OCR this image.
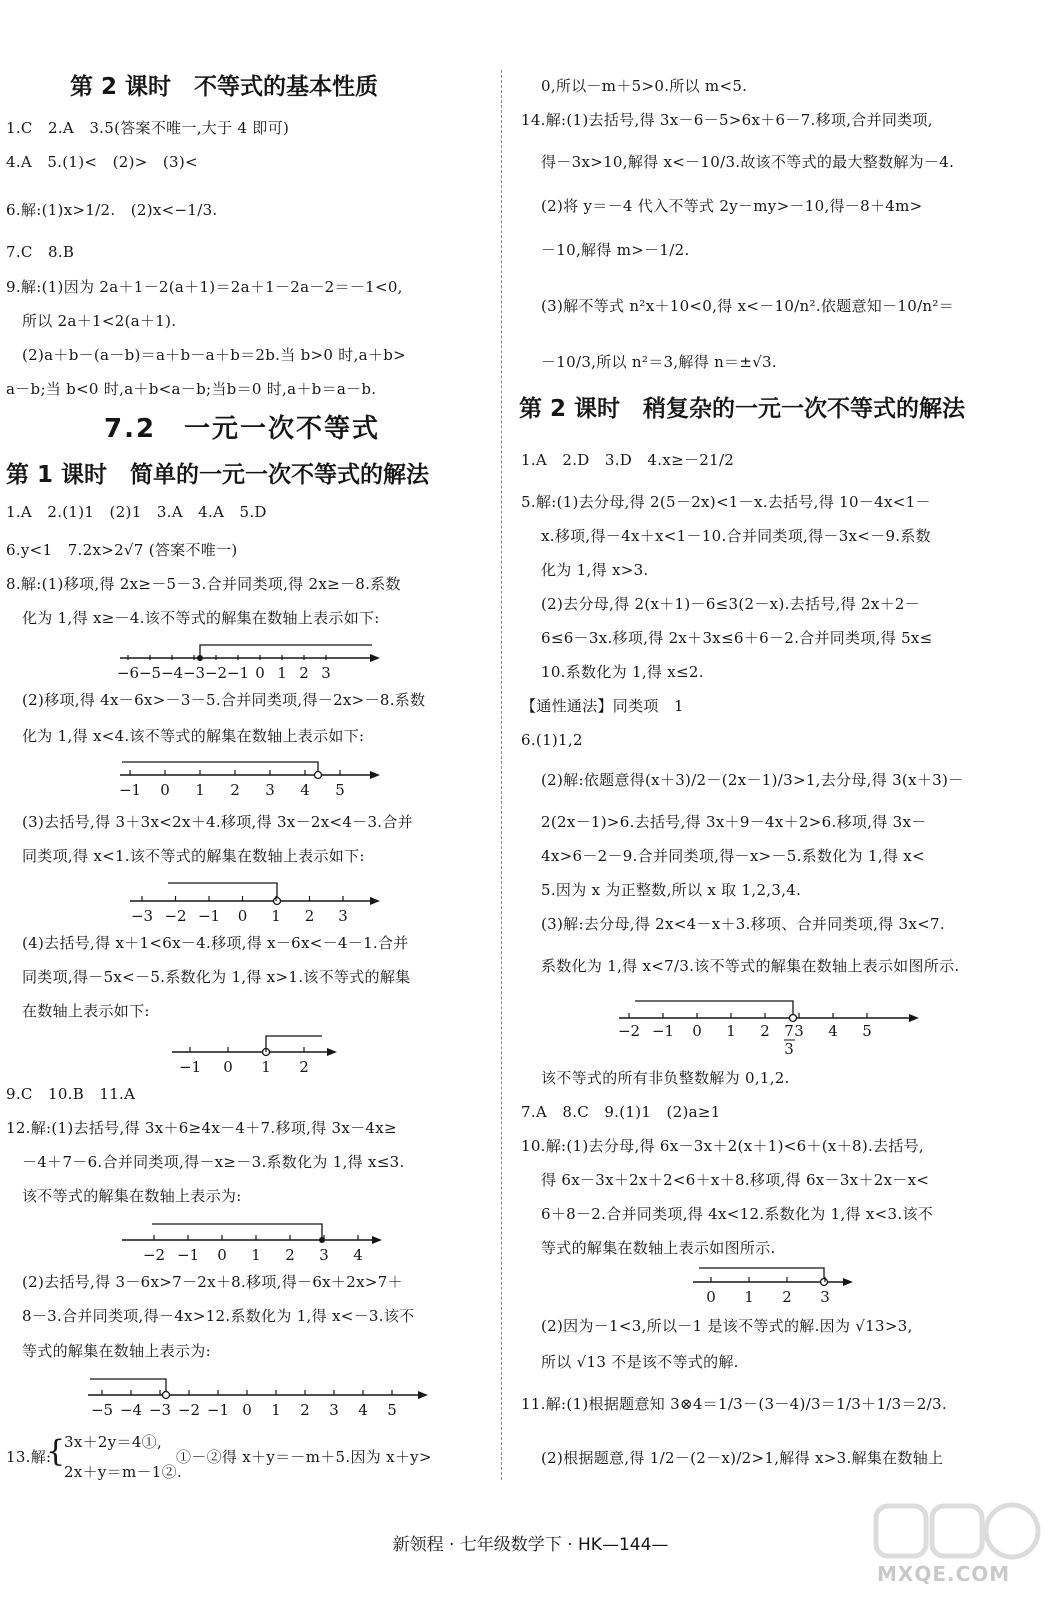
第 2 课时　不等式的基本性质
1.C　2.A　3.5(答案不唯一,大于 4 即可)
4.A　5.(1)<　(2)>　(3)<
6.解:(1)x>1/2.　(2)x<−1/3.
7.C　8.B
9.解:(1)因为 2a＋1－2(a＋1)＝2a＋1－2a－2＝－1<0,
所以 2a＋1<2(a＋1).
(2)a＋b－(a－b)＝a＋b－a＋b＝2b.当 b>0 时,a＋b>
a－b;当 b<0 时,a＋b<a－b;当b＝0 时,a＋b＝a－b.
7.2　一元一次不等式
第 1 课时　简单的一元一次不等式的解法
1.A　2.(1)1　(2)1　3.A　4.A　5.D
6.y<1　7.2x>2√7 (答案不唯一)
8.解:(1)移项,得 2x≥－5－3.合并同类项,得 2x≥－8.系数
化为 1,得 x≥－4.该不等式的解集在数轴上表示如下:
−6 −5 −4 −3 −2 −1 0 1 2 3
(2)移项,得 4x－6x>－3－5.合并同类项,得－2x>－8.系数
化为 1,得 x<4.该不等式的解集在数轴上表示如下:
−1 0 1 2 3 4 5
(3)去括号,得 3＋3x<2x＋4.移项,得 3x－2x<4－3.合并
同类项,得 x<1.该不等式的解集在数轴上表示如下:
−3 −2 −1 0 1 2 3
(4)去括号,得 x＋1<6x－4.移项,得 x－6x<－4－1.合并
同类项,得－5x<－5.系数化为 1,得 x>1.该不等式的解集
在数轴上表示如下:
−1 0 1 2
9.C　10.B　11.A
12.解:(1)去括号,得 3x＋6≥4x－4＋7.移项,得 3x－4x≥
－4＋7－6.合并同类项,得－x≥－3.系数化为 1,得 x≤3.
该不等式的解集在数轴上表示为:
−2 −1 0 1 2 3 4
(2)去括号,得 3－6x>7－2x＋8.移项,得－6x＋2x>7＋
8－3.合并同类项,得－4x>12.系数化为 1,得 x<－3.该不
等式的解集在数轴上表示为:
−5 −4 −3 −2 −1 0 1 2 3 4 5
13.解:
{
3x＋2y＝4①,
2x＋y＝m－1②.
①－②得 x＋y＝－m＋5.因为 x＋y>
0,所以－m＋5>0.所以 m<5.
14.解:(1)去括号,得 3x－6－5>6x＋6－7.移项,合并同类项,
得－3x>10,解得 x<－10/3.故该不等式的最大整数解为－4.
(2)将 y＝－4 代入不等式 2y－my>－10,得－8＋4m>
－10,解得 m>－1/2.
(3)解不等式 n²x＋10<0,得 x<－10/n².依题意知－10/n²＝
－10/3,所以 n²＝3,解得 n＝±√3.
第 2 课时　稍复杂的一元一次不等式的解法
1.A　2.D　3.D　4.x≥－21/2
5.解:(1)去分母,得 2(5－2x)<1－x.去括号,得 10－4x<1－
x.移项,得－4x＋x<1－10.合并同类项,得－3x<－9.系数
化为 1,得 x>3.
(2)去分母,得 2(x＋1)－6≤3(2－x).去括号,得 2x＋2－
6≤6－3x.移项,得 2x＋3x≤6＋6－2.合并同类项,得 5x≤
10.系数化为 1,得 x≤2.
【通性通法】同类项　1
6.(1)1,2
(2)解:依题意得(x＋3)/2－(2x－1)/3>1,去分母,得 3(x＋3)－
2(2x－1)>6.去括号,得 3x＋9－4x＋2>6.移项,得 3x－
4x>6－2－9.合并同类项,得－x>－5.系数化为 1,得 x<
5.因为 x 为正整数,所以 x 取 1,2,3,4.
(3)解:去分母,得 2x<4－x＋3.移项、合并同类项,得 3x<7.
系数化为 1,得 x<7/3.该不等式的解集在数轴上表示如图所示.
−2 −1 0 1 2 3 4 5
7
3
该不等式的所有非负整数解为 0,1,2.
7.A　8.C　9.(1)1　(2)a≥1
10.解:(1)去分母,得 6x－3x＋2(x＋1)<6＋(x＋8).去括号,
得 6x－3x＋2x＋2<6＋x＋8.移项,得 6x－3x＋2x－x<
6＋8－2.合并同类项,得 4x<12.系数化为 1,得 x<3.该不
等式的解集在数轴上表示如图所示.
0 1 2 3
(2)因为－1<3,所以－1 是该不等式的解.因为 √13>3,
所以 √13 不是该不等式的解.
11.解:(1)根据题意知 3⊗4＝1/3－(3－4)/3＝1/3＋1/3＝2/3.
(2)根据题意,得 1/2－(2－x)/2>1,解得 x>3.解集在数轴上
新领程 · 七年级数学下 · HK—144—
MXQE.COM
